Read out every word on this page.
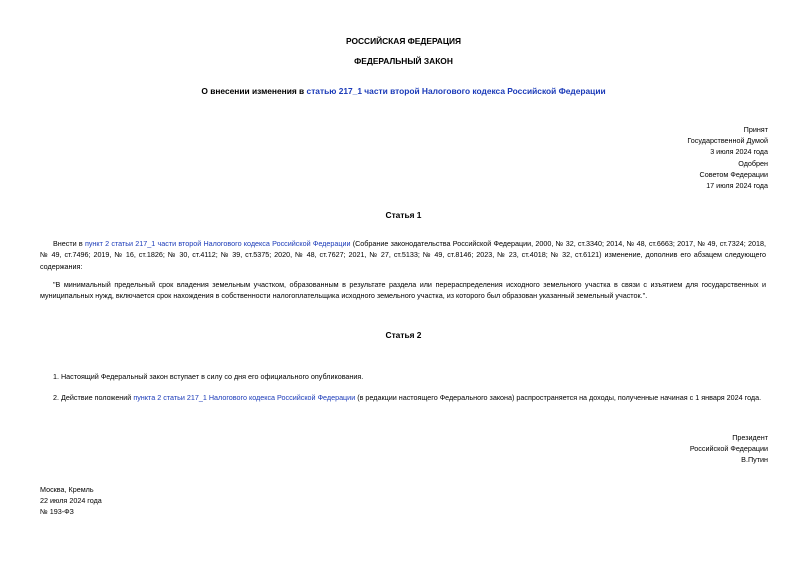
РОССИЙСКАЯ ФЕДЕРАЦИЯ
ФЕДЕРАЛЬНЫЙ ЗАКОН
О внесении изменения в статью 217_1 части второй Налогового кодекса Российской Федерации
Принят
Государственной Думой
3 июля 2024 года
Одобрен
Советом Федерации
17 июля 2024 года
Статья 1
Внести в пункт 2 статьи 217_1 части второй Налогового кодекса Российской Федерации (Собрание законодательства Российской Федерации, 2000, № 32, ст.3340; 2014, № 48, ст.6663; 2017, № 49, ст.7324; 2018, № 49, ст.7496; 2019, № 16, ст.1826; № 30, ст.4112; № 39, ст.5375; 2020, № 48, ст.7627; 2021, № 27, ст.5133; № 49, ст.8146; 2023, № 23, ст.4018; № 32, ст.6121) изменение, дополнив его абзацем следующего содержания:
"В минимальный предельный срок владения земельным участком, образованным в результате раздела или перераспределения исходного земельного участка в связи с изъятием для государственных и муниципальных нужд, включается срок нахождения в собственности налогоплательщика исходного земельного участка, из которого был образован указанный земельный участок.".
Статья 2
1. Настоящий Федеральный закон вступает в силу со дня его официального опубликования.
2. Действие положений пункта 2 статьи 217_1 Налогового кодекса Российской Федерации (в редакции настоящего Федерального закона) распространяется на доходы, полученные начиная с 1 января 2024 года.
Президент
Российской Федерации
В.Путин
Москва, Кремль
22 июля 2024 года
№ 193-ФЗ
